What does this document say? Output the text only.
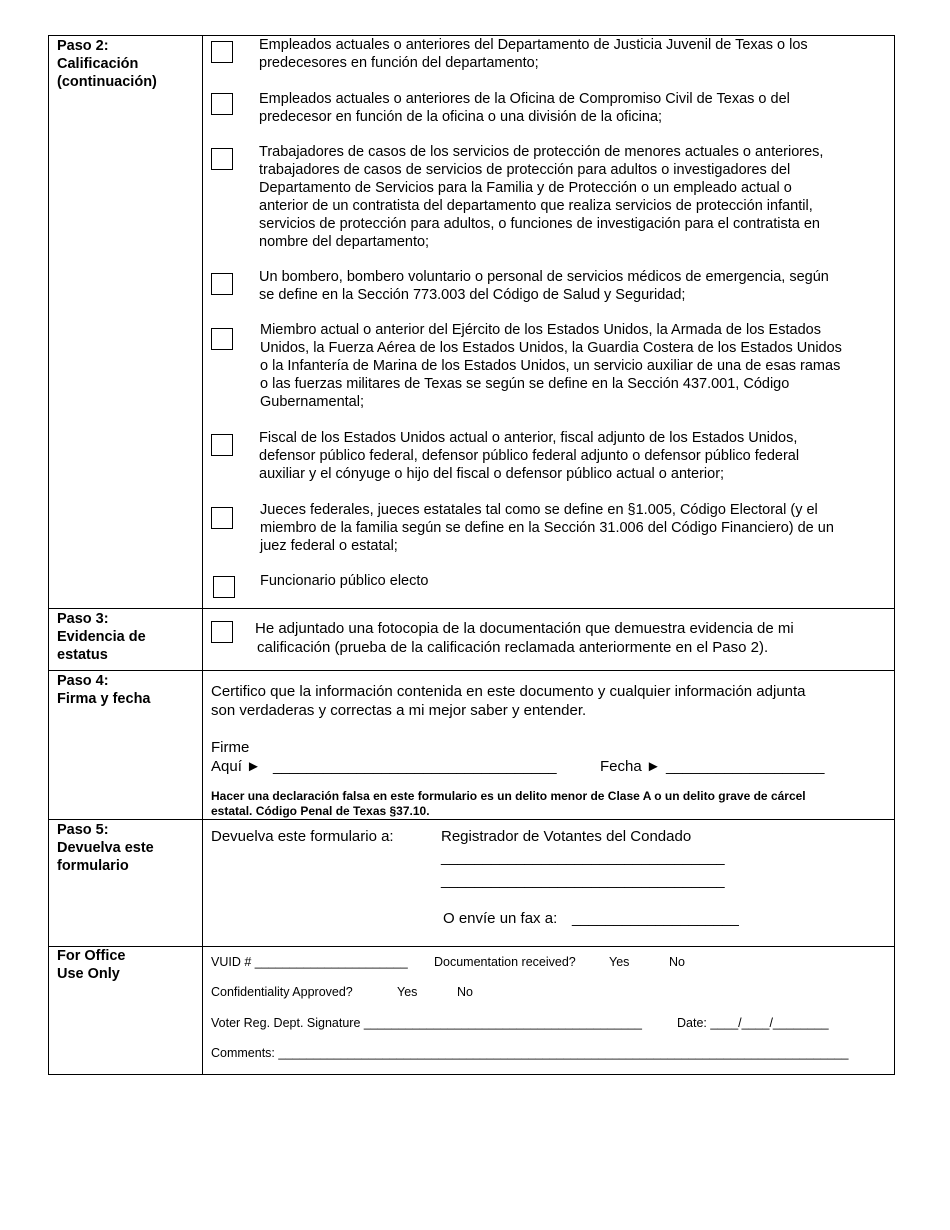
Paso 2:
Calificación
(continuación)
Empleados actuales o anteriores del Departamento de Justicia Juvenil de Texas o los
predecesores en función del departamento;
Empleados actuales o anteriores de la Oficina de Compromiso Civil de Texas o del
predecesor en función de la oficina o una división de la oficina;
Trabajadores de casos de los servicios de protección de menores actuales o anteriores,
trabajadores de casos de servicios de protección para adultos o investigadores del
Departamento de Servicios para la Familia y de Protección o un empleado actual o
anterior de un contratista del departamento que realiza servicios de protección infantil,
servicios de protección para adultos, o funciones de investigación para el contratista en
nombre del departamento;
Un bombero, bombero voluntario o personal de servicios médicos de emergencia, según
se define en la Sección 773.003 del Código de Salud y Seguridad;
Miembro actual o anterior del Ejército de los Estados Unidos, la Armada de los Estados
Unidos, la Fuerza Aérea de los Estados Unidos, la Guardia Costera de los Estados Unidos
o la Infantería de Marina de los Estados Unidos, un servicio auxiliar de una de esas ramas
o las fuerzas militares de Texas se según se define en la Sección 437.001, Código
Gubernamental;
Fiscal de los Estados Unidos actual o anterior, fiscal adjunto de los Estados Unidos,
defensor público federal, defensor público federal adjunto o defensor público federal
auxiliar y el cónyuge o hijo del fiscal o defensor público actual o anterior;
Jueces federales, jueces estatales tal como se define en §1.005, Código Electoral (y el
miembro de la familia según se define en la Sección 31.006 del Código Financiero) de un
juez federal o estatal;
Funcionario público electo
Paso 3:
Evidencia de
estatus
He adjuntado una fotocopia de la documentación que demuestra evidencia de mi
calificación (prueba de la calificación reclamada anteriormente en el Paso 2).
Paso 4:
Firma y fecha	Certifico que la información contenida en este documento y cualquier información adjunta
son verdaderas y correctas a mi mejor saber y entender.
Firme
Aquí ► __________________________________	Fecha ► ___________________
Hacer una declaración falsa en este formulario es un delito menor de Clase A o un delito grave de cárcel
estatal. Código Penal de Texas §37.10.
Paso 5:
Devuelva este
formulario
Devuelva este formulario a:	Registrador de Votantes del Condado
__________________________________
__________________________________
O envíe un fax a: ____________________
For Office
Use Only
VUID # ______________________ Documentation received?	Yes	No
Confidentiality Approved?	Yes	No
Voter Reg. Dept. Signature ________________________________________	Date: ____/____/________
Comments: __________________________________________________________________________________
